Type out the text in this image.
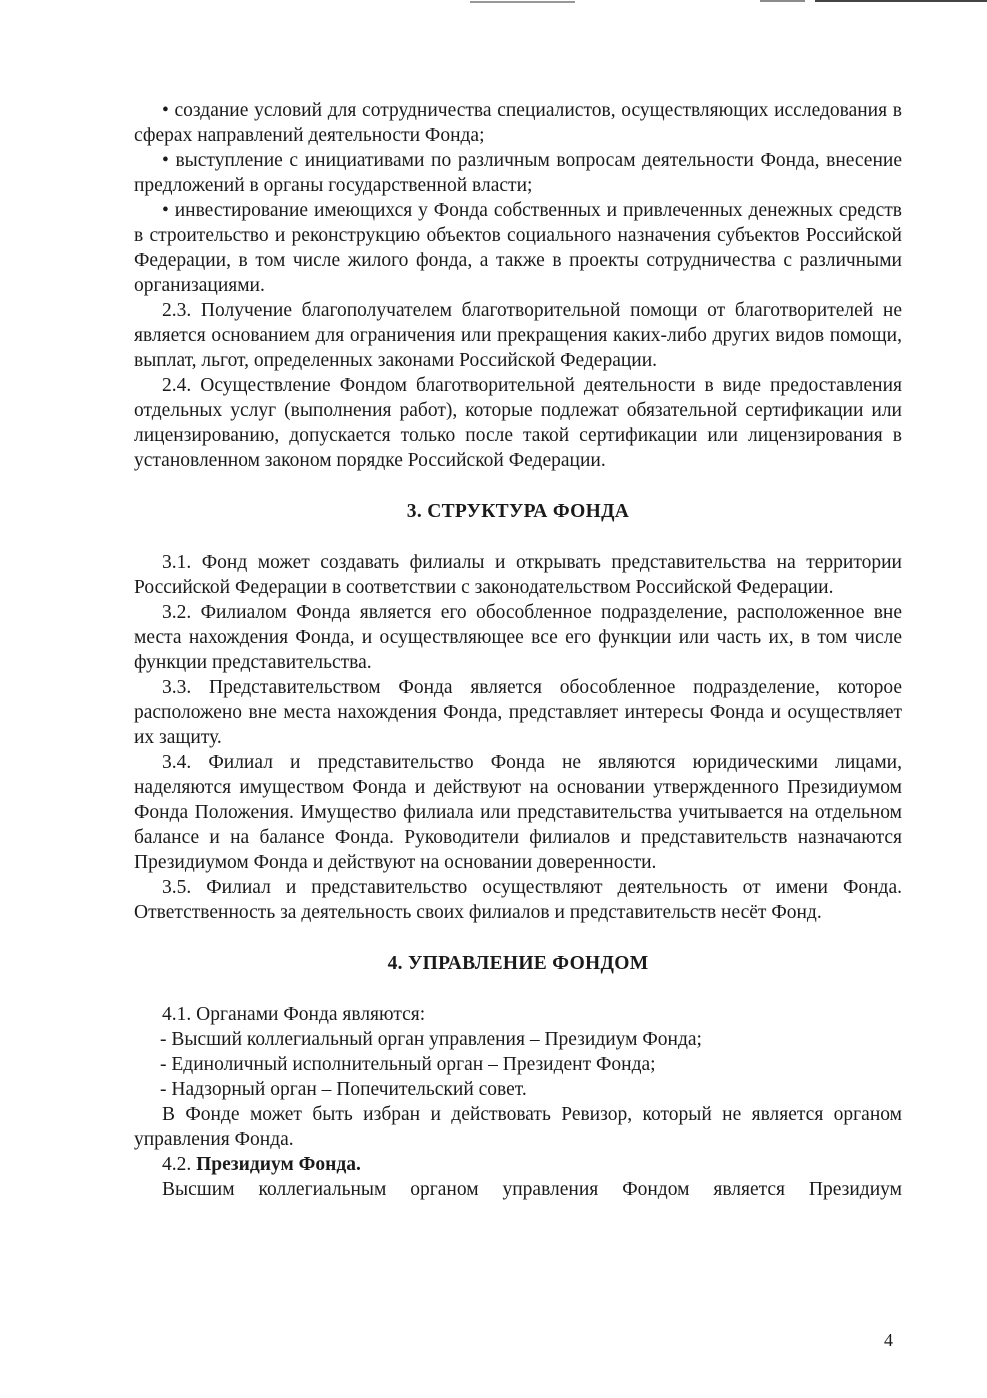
• создание условий для сотрудничества специалистов, осуществляющих исследования в сферах направлений деятельности Фонда;

• выступление с инициативами по различным вопросам деятельности Фонда, внесение предложений в органы государственной власти;

• инвестирование имеющихся у Фонда собственных и привлеченных денежных средств в строительство и реконструкцию объектов социального назначения субъектов Российской Федерации, в том числе жилого фонда, а также в проекты сотрудничества с различными организациями.

2.3. Получение благополучателем благотворительной помощи от благотворителей не является основанием для ограничения или прекращения каких-либо других видов помощи, выплат, льгот, определенных законами Российской Федерации.

2.4. Осуществление Фондом благотворительной деятельности в виде предоставления отдельных услуг (выполнения работ), которые подлежат обязательной сертификации или лицензированию, допускается только после такой сертификации или лицензирования в установленном законом порядке Российской Федерации.

3. СТРУКТУРА ФОНДА

3.1. Фонд может создавать филиалы и открывать представительства на территории Российской Федерации в соответствии с законодательством Российской Федерации.

3.2. Филиалом Фонда является его обособленное подразделение, расположенное вне места нахождения Фонда, и осуществляющее все его функции или часть их, в том числе функции представительства.

3.3. Представительством Фонда является обособленное подразделение, которое расположено вне места нахождения Фонда, представляет интересы Фонда и осуществляет их защиту.

3.4. Филиал и представительство Фонда не являются юридическими лицами, наделяются имуществом Фонда и действуют на основании утвержденного Президиумом Фонда Положения. Имущество филиала или представительства учитывается на отдельном балансе и на балансе Фонда. Руководители филиалов и представительств назначаются Президиумом Фонда и действуют на основании доверенности.

3.5. Филиал и представительство осуществляют деятельность от имени Фонда. Ответственность за деятельность своих филиалов и представительств несёт Фонд.

4. УПРАВЛЕНИЕ ФОНДОМ

4.1. Органами Фонда являются:

- Высший коллегиальный орган управления – Президиум Фонда;

- Единоличный исполнительный орган – Президент Фонда;

- Надзорный орган – Попечительский совет.

В Фонде может быть избран и действовать Ревизор, который не является органом управления Фонда.

4.2. Президиум Фонда.

Высшим коллегиальным органом управления Фондом является Президиум

4
